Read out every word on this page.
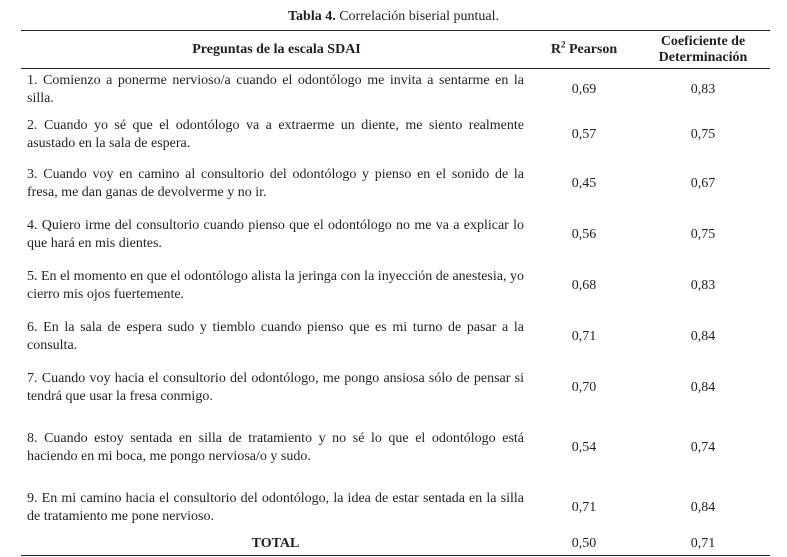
Tabla 4. Correlación biserial puntual.
Preguntas de la escala SDAI	$R^2$ Pearson	Coeficiente de
Determinación
1. Comienzo a ponerme nervioso/a cuando el odontólogo me invita a sentarme en la silla.	0,69	0,83
2. Cuando yo sé que el odontólogo va a extraerme un diente, me siento realmente asustado en la sala de espera.	0,57	0,75
3. Cuando voy en camino al consultorio del odontólogo y pienso en el sonido de la fresa, me dan ganas de devolverme y no ir.	0,45	0,67
4. Quiero irme del consultorio cuando pienso que el odontólogo no me va a explicar lo que hará en mis dientes.	0,56	0,75
5. En el momento en que el odontólogo alista la jeringa con la inyección de anestesia, yo cierro mis ojos fuertemente.	0,68	0,83
6. En la sala de espera sudo y tiemblo cuando pienso que es mi turno de pasar a la consulta.	0,71	0,84
7. Cuando voy hacia el consultorio del odontólogo, me pongo ansiosa sólo de pensar si tendrá que usar la fresa conmigo.	0,70	0,84
8. Cuando estoy sentada en silla de tratamiento y no sé lo que el odontólogo está haciendo en mi boca, me pongo nerviosa/o y sudo.	0,54	0,74
9. En mi camino hacia el consultorio del odontólogo, la idea de estar sentada en la silla de tratamiento me pone nervioso.	0,71	0,84
TOTAL	0,50	0,71
